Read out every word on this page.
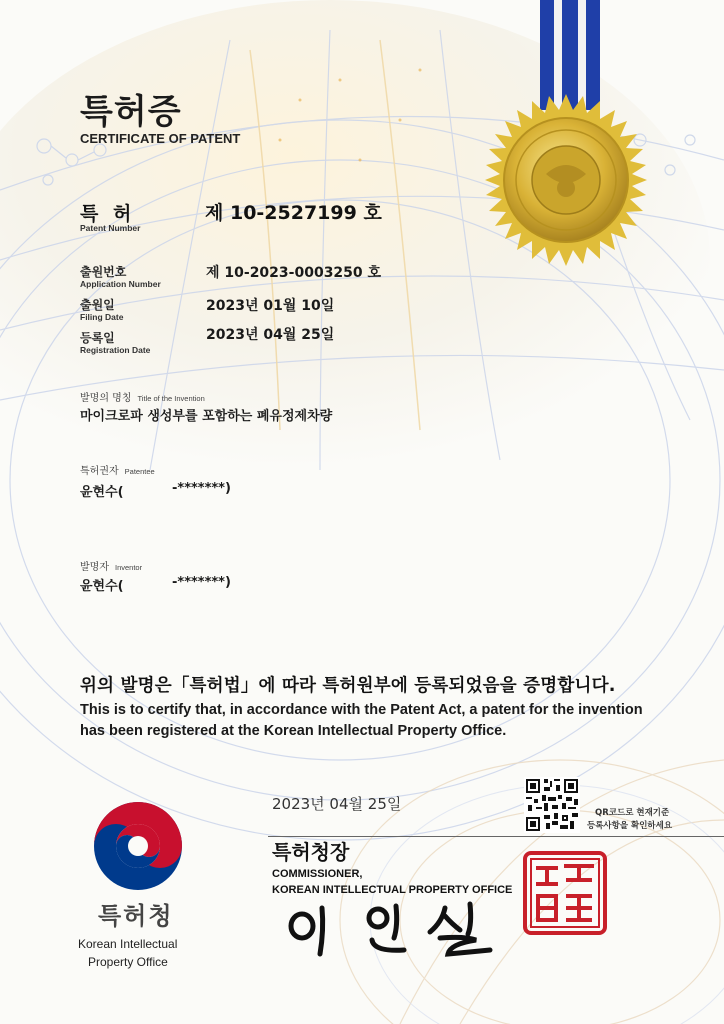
특허증
CERTIFICATE OF PATENT
특 허
Patent Number
제 10-2527199 호
출원번호
Application Number
제 10-2023-0003250 호
출원일
Filing Date
2023년 01월 10일
등록일
Registration Date
2023년 04월 25일
발명의 명칭 Title of the Invention
마이크로파 생성부를 포함하는 폐유정제차량
특허권자 Patentee
윤현수(	-*******)
발명자 Inventor
윤현수(	-*******)
위의 발명은「특허법」에 따라 특허원부에 등록되었음을 증명합니다.
This is to certify that, in accordance with the Patent Act, a patent for the invention has been registered at the Korean Intellectual Property Office.
2023년 04월 25일
특허청장
COMMISSIONER,
KOREAN INTELLECTUAL PROPERTY OFFICE
QR코드로 현재기준
등록사항을 확인하세요
특허청
Korean Intellectual
Property Office
